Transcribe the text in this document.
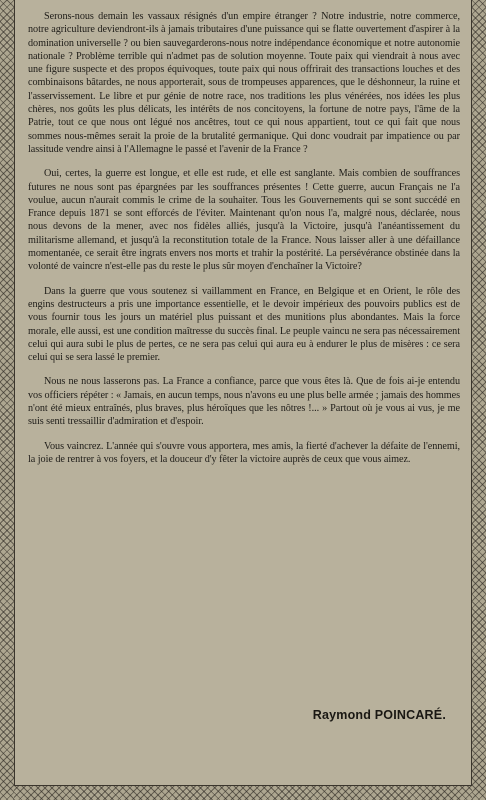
Serons-nous demain les vassaux résignés d'un empire étranger ? Notre industrie, notre commerce, notre agriculture deviendront-ils à jamais tributaires d'une puissance qui se flatte ouvertement d'aspirer à la domination universelle ? ou bien sauvegarderons-nous notre indépendance économique et notre autonomie nationale ? Problème terrible qui n'admet pas de solution moyenne. Toute paix qui viendrait à nous avec une figure suspecte et des propos équivoques, toute paix qui nous offrirait des transactions louches et des combinaisons bâtardes, ne nous apporterait, sous de trompeuses apparences, que le déshonneur, la ruine et l'asservissement. Le libre et pur génie de notre race, nos traditions les plus vénérées, nos idées les plus chères, nos goûts les plus délicats, les intérêts de nos concitoyens, la fortune de notre pays, l'âme de la Patrie, tout ce que nous ont légué nos ancêtres, tout ce qui nous appartient, tout ce qui fait que nous sommes nous-mêmes serait la proie de la brutalité germanique. Qui donc voudrait par impatience ou par lassitude vendre ainsi à l'Allemagne le passé et l'avenir de la France ?

Oui, certes, la guerre est longue, et elle est rude, et elle est sanglante. Mais combien de souffrances futures ne nous sont pas épargnées par les souffrances présentes ! Cette guerre, aucun Français ne l'a voulue, aucun n'aurait commis le crime de la souhaiter. Tous les Gouvernements qui se sont succédé en France depuis 1871 se sont efforcés de l'éviter. Maintenant qu'on nous l'a, malgré nous, déclarée, nous nous devons de la mener, avec nos fidèles alliés, jusqu'à la Victoire, jusqu'à l'anéantissement du militarisme allemand, et jusqu'à la reconstitution totale de la France. Nous laisser aller à une défaillance momentanée, ce serait être ingrats envers nos morts et trahir la postérité. La persévérance obstinée dans la volonté de vaincre n'est-elle pas du reste le plus sûr moyen d'enchaîner la Victoire?

Dans la guerre que vous soutenez si vaillamment en France, en Belgique et en Orient, le rôle des engins destructeurs a pris une importance essentielle, et le devoir impérieux des pouvoirs publics est de vous fournir tous les jours un matériel plus puissant et des munitions plus abondantes. Mais la force morale, elle aussi, est une condition maîtresse du succès final. Le peuple vaincu ne sera pas nécessairement celui qui aura subi le plus de pertes, ce ne sera pas celui qui aura eu à endurer le plus de misères : ce sera celui qui se sera lassé le premier.

Nous ne nous lasserons pas. La France a confiance, parce que vous êtes là. Que de fois ai-je entendu vos officiers répéter : « Jamais, en aucun temps, nous n'avons eu une plus belle armée ; jamais des hommes n'ont été mieux entraînés, plus braves, plus héroïques que les nôtres !... » Partout où je vous ai vus, je me suis senti tressaillir d'admiration et d'espoir.

Vous vaincrez. L'année qui s'ouvre vous apportera, mes amis, la fierté d'achever la défaite de l'ennemi, la joie de rentrer à vos foyers, et la douceur d'y fêter la victoire auprès de ceux que vous aimez.

Raymond POINCARÉ.
